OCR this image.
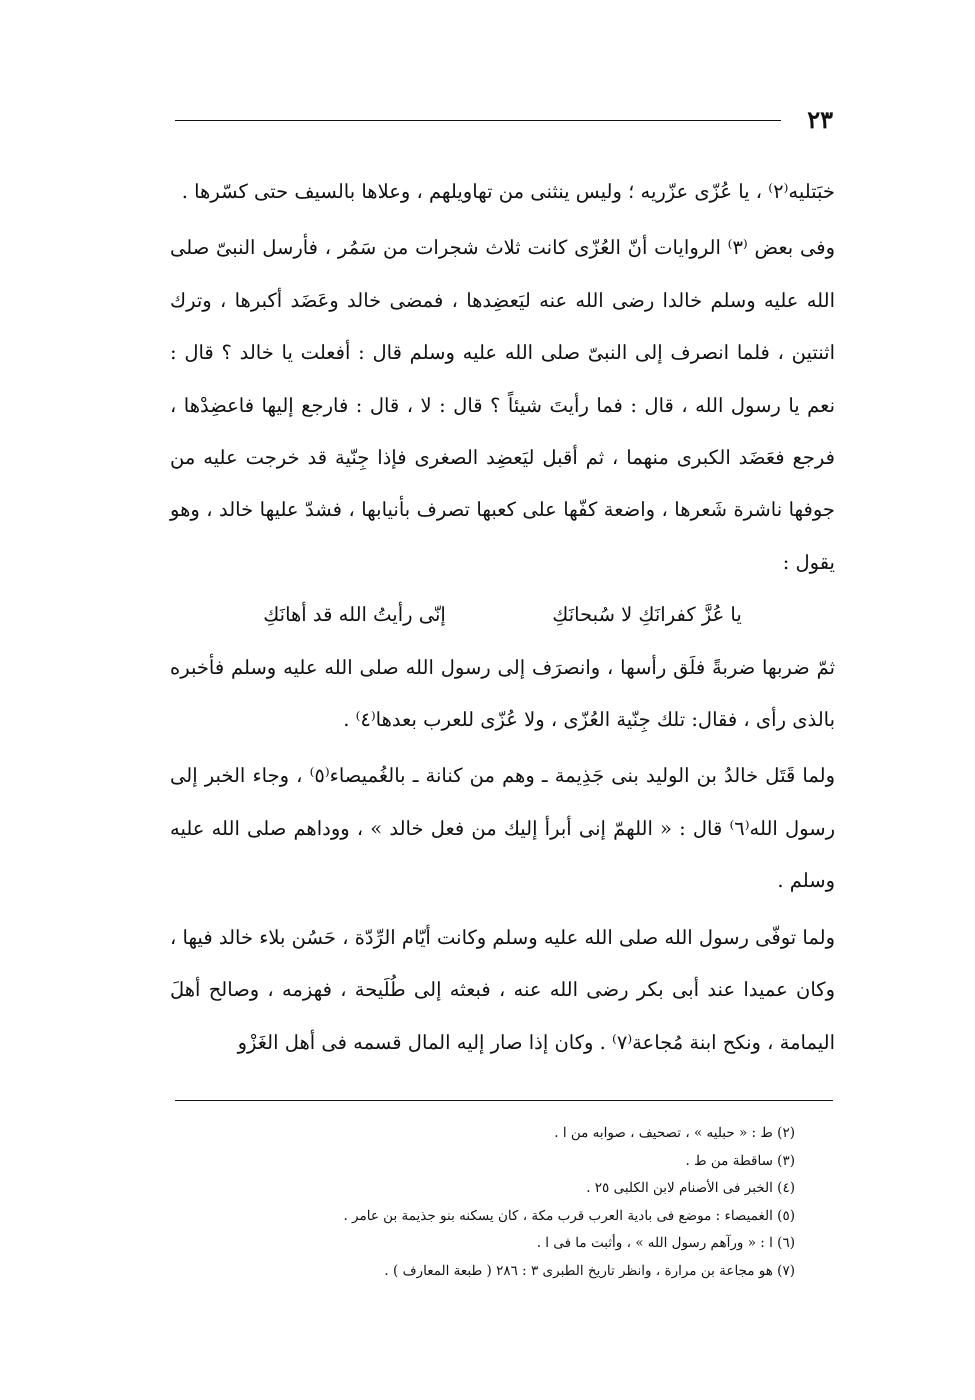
٢٣

خبَتليه⁽٢⁾ ، يا عُزّى عزّريه ؛ وليس ينثنى من تهاويلهم ، وعلاها بالسيف حتى كسّرها .

وفى بعض ⁽٣⁾ الروايات أنّ العُزّى كانت ثلاث شجرات من سَمُر ، فأرسل النبىّ صلى الله عليه وسلم خالدا رضى الله عنه ليَعضِدها ، فمضى خالد وعَضَد أكبرها ، وترك اثنتين ، فلما انصرف إلى النبىّ صلى الله عليه وسلم قال : أفعلت يا خالد ؟ قال : نعم يا رسول الله ، قال : فما رأيتَ شيئاً ؟ قال : لا ، قال : فارجع إليها فاعضِدْها ، فرجع فعَضَد الكبرى منهما ، ثم أقبل ليَعضِد الصغرى فإذا جِنّية قد خرجت عليه من جوفها ناشرة شَعرها ، واضعة كفّها على كعبها تصرف بأنيابها ، فشدّ عليها خالد ، وهو يقول :

يا عُزَّ كفرانَكِ لا سُبحانَكِ
إنّى رأيتُ الله قد أهانَكِ

ثمّ ضربها ضربةً فلَق رأسها ، وانصرَف إلى رسول الله صلى الله عليه وسلم فأخبره بالذى رأى ، فقال: تلك جِنّية العُزّى ، ولا عُزّى للعرب بعدها⁽٤⁾ .

ولما قَتَل خالدُ بن الوليد بنى جَذِيمة ـ وهم من كنانة ـ بالغُميصاء⁽٥⁾ ، وجاء الخبر إلى رسول الله⁽٦⁾ قال : « اللهمّ إنى أبرأ إليك من فعل خالد » ، ووداهم صلى الله عليه وسلم .

ولما توفّى رسول الله صلى الله عليه وسلم وكانت أيّام الرِّدّة ، حَسُن بلاء خالد فيها ، وكان عميدا عند أبى بكر رضى الله عنه ، فبعثه إلى طُلَيحة ، فهزمه ، وصالح أهلَ اليمامة ، ونكح ابنة مُجاعة⁽٧⁾ . وكان إذا صار إليه المال قسمه فى أهل الغَزْو

(٢) ط : « حبليه » ، تصحيف ، صوابه من ا .

(٣) ساقطة من ط .

(٤) الخبر فى الأصنام لابن الكلبى ٢٥ .

(٥) الغميصاء : موضع فى بادية العرب قرب مكة ، كان يسكنه بنو جذيمة بن عامر .

(٦) ا : « ورآهم رسول الله » ، وأثبت ما فى ا .

(٧) هو مجاعة بن مرارة ، وانظر تاريخ الطبرى ٣ : ٢٨٦ ( طبعة المعارف ) .
